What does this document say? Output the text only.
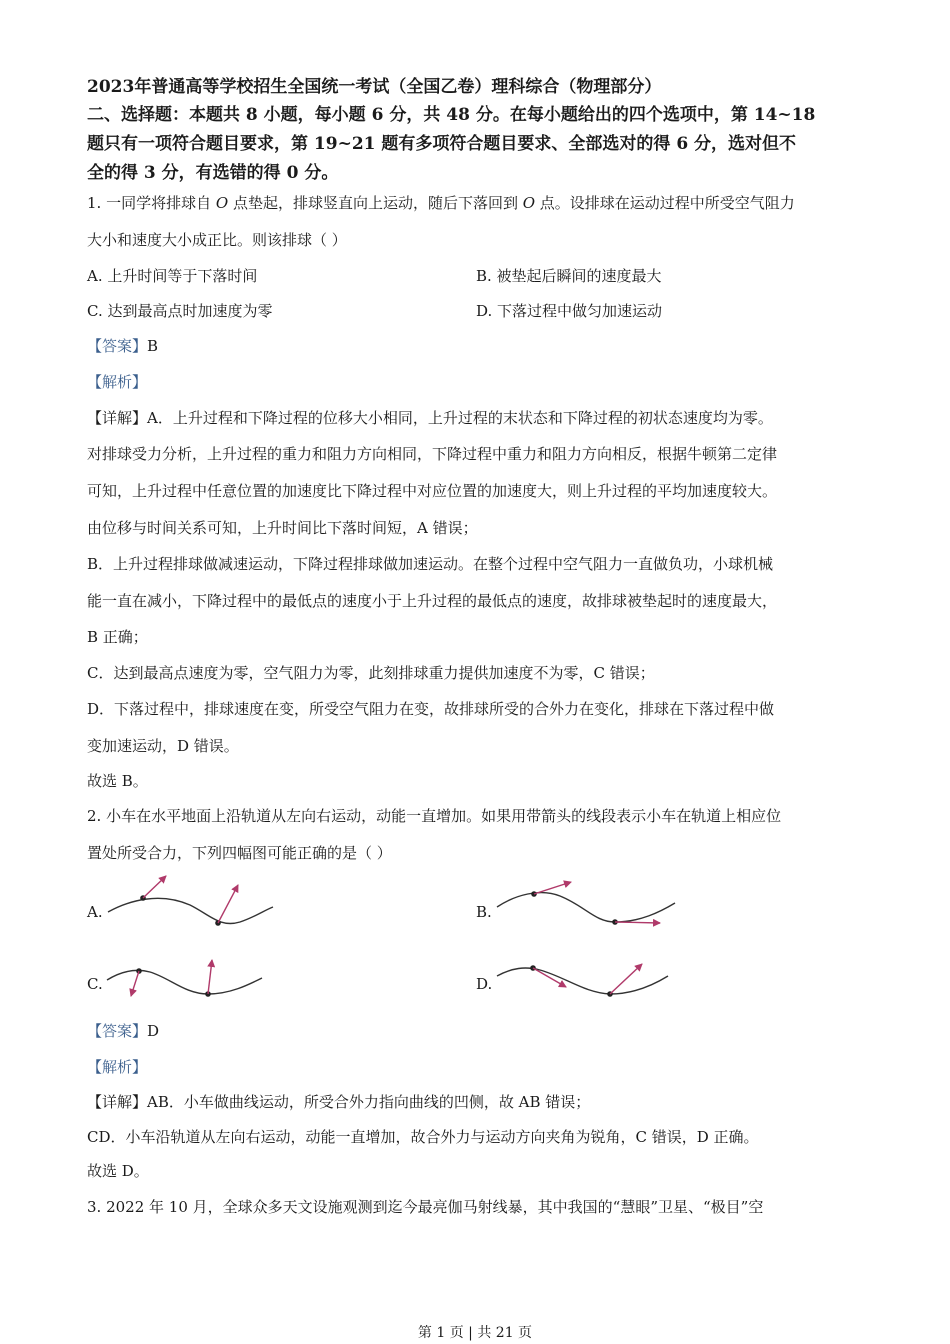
2023年普通高等学校招生全国统一考试（全国乙卷）理科综合（物理部分）
二、选择题：本题共 8 小题，每小题 6 分，共 48 分。在每小题给出的四个选项中，第 14~18
题只有一项符合题目要求，第 19~21 题有多项符合题目要求、全部选对的得 6 分，选对但不
全的得 3 分，有选错的得 0 分。
1. 一同学将排球自 O 点垫起，排球竖直向上运动，随后下落回到 O 点。设排球在运动过程中所受空气阻力
大小和速度大小成正比。则该排球（ ）
A. 上升时间等于下落时间	B. 被垫起后瞬间的速度最大
C. 达到最高点时加速度为零	D. 下落过程中做匀加速运动
【答案】B
【解析】
【详解】A．上升过程和下降过程的位移大小相同，上升过程的末状态和下降过程的初状态速度均为零。
对排球受力分析，上升过程的重力和阻力方向相同，下降过程中重力和阻力方向相反，根据牛顿第二定律
可知，上升过程中任意位置的加速度比下降过程中对应位置的加速度大，则上升过程的平均加速度较大。
由位移与时间关系可知，上升时间比下落时间短，A 错误；
B．上升过程排球做减速运动，下降过程排球做加速运动。在整个过程中空气阻力一直做负功，小球机械
能一直在减小，下降过程中的最低点的速度小于上升过程的最低点的速度，故排球被垫起时的速度最大，
B 正确；
C．达到最高点速度为零，空气阻力为零，此刻排球重力提供加速度不为零，C 错误；
D．下落过程中，排球速度在变，所受空气阻力在变，故排球所受的合外力在变化，排球在下落过程中做
变加速运动，D 错误。
故选 B。
2. 小车在水平地面上沿轨道从左向右运动，动能一直增加。如果用带箭头的线段表示小车在轨道上相应位
置处所受合力，下列四幅图可能正确的是（ ）
A.	B.
C.	D.
【答案】D
【解析】
【详解】AB．小车做曲线运动，所受合外力指向曲线的凹侧，故 AB 错误；
CD．小车沿轨道从左向右运动，动能一直增加，故合外力与运动方向夹角为锐角，C 错误，D 正确。
故选 D。
3. 2022 年 10 月，全球众多天文设施观测到迄今最亮伽马射线暴，其中我国的“慧眼”卫星、“极目”空
第 1 页 | 共 21 页
